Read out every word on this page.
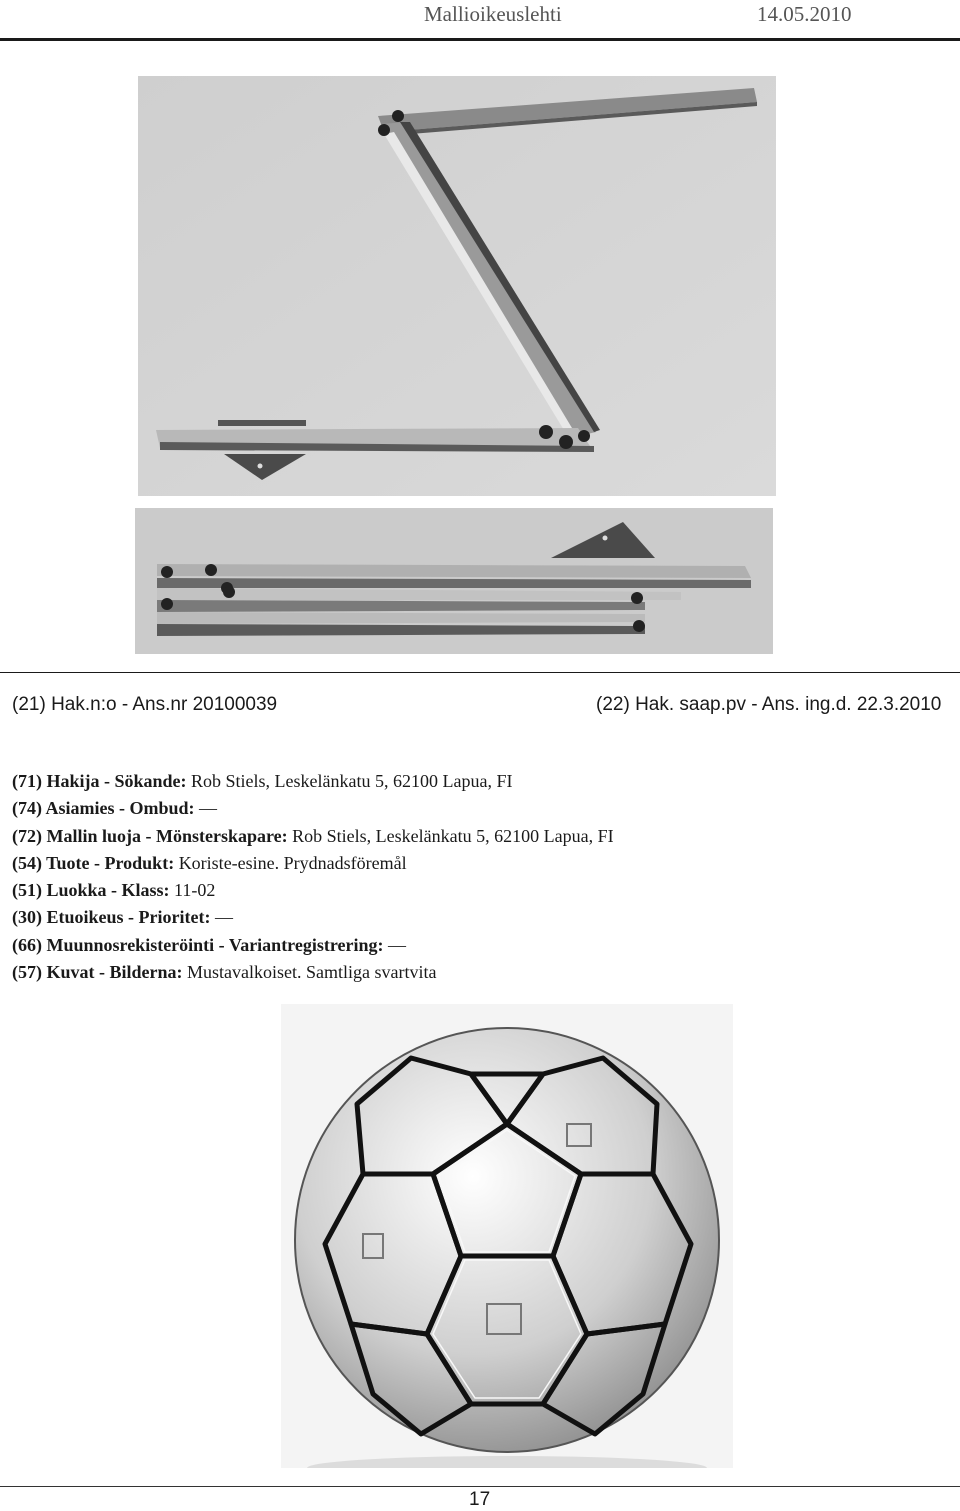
Mallioikeuslehti	14.05.2010
(21) Hak.n:o - Ans.nr 20100039	(22) Hak. saap.pv - Ans. ing.d. 22.3.2010
(71) Hakija - Sökande: Rob Stiels, Leskelänkatu 5, 62100 Lapua, FI
(74) Asiamies - Ombud: —
(72) Mallin luoja - Mönsterskapare: Rob Stiels, Leskelänkatu 5, 62100 Lapua, FI
(54) Tuote - Produkt: Koriste-esine. Prydnadsföremål
(51) Luokka - Klass: 11-02
(30) Etuoikeus - Prioritet: —
(66) Muunnosrekisteröinti - Variantregistrering: —
(57) Kuvat - Bilderna: Mustavalkoiset. Samtliga svartvita
17
